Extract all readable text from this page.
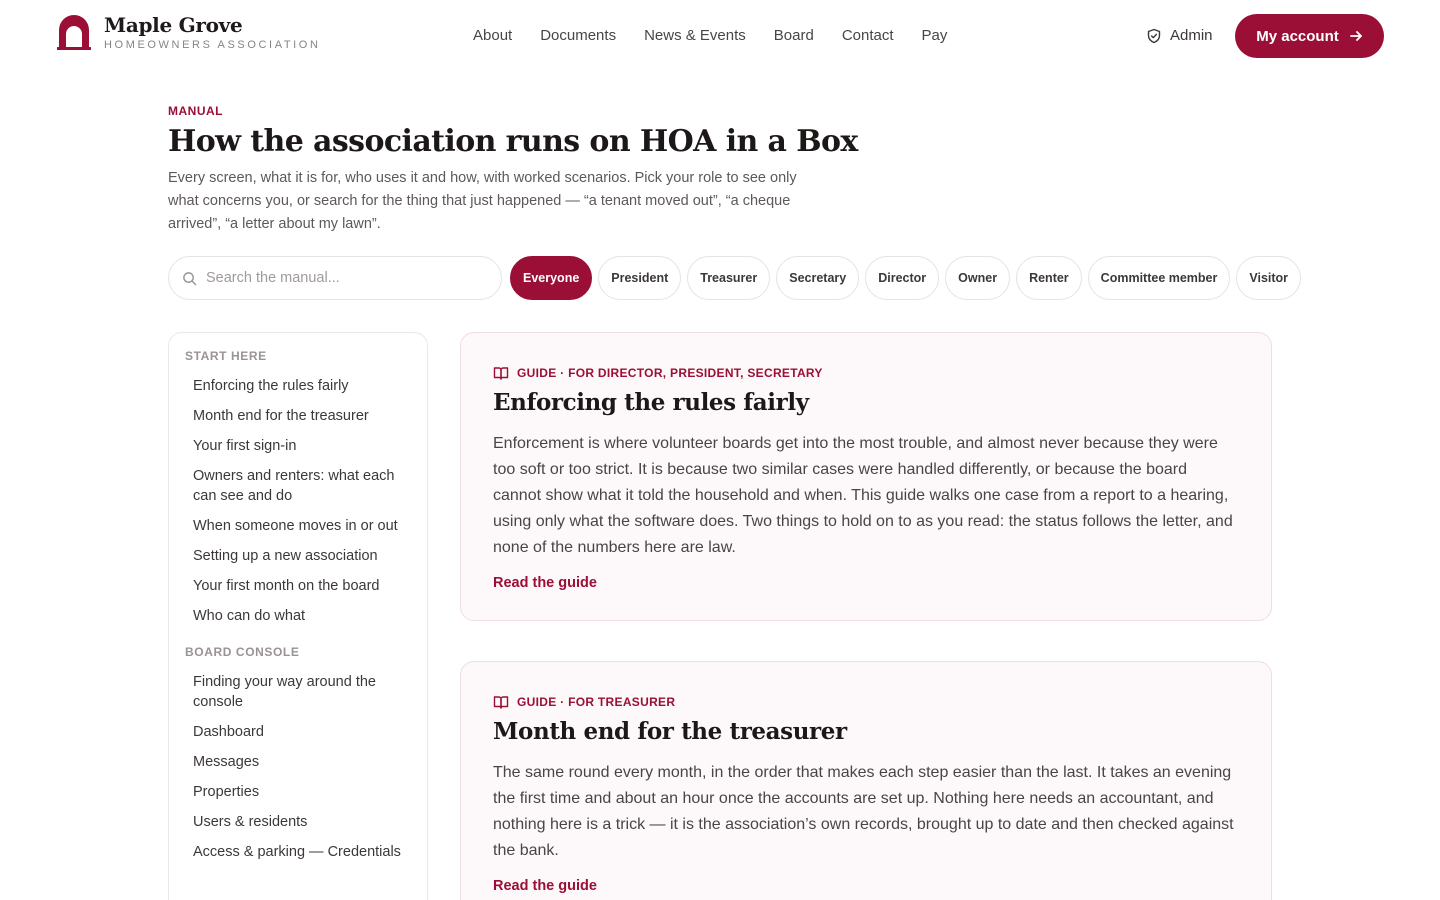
Maple Grove
HOMEOWNERS ASSOCIATION
About	Documents	News & Events	Board	Contact	Pay	Admin	My account
MANUAL
How the association runs on HOA in a Box

Every screen, what it is for, who uses it and how, with worked scenarios. Pick your role to see only what concerns you, or search for the thing that just happened — “a tenant moved out”, “a cheque arrived”, “a letter about my lawn”.

Search the manual...
Everyone	President	Treasurer	Secretary	Director	Owner	Renter	Committee member	Visitor
START HERE
Enforcing the rules fairly
Month end for the treasurer
Your first sign-in
Owners and renters: what each can see and do
When someone moves in or out
Setting up a new association
Your first month on the board
Who can do what
BOARD CONSOLE
Finding your way around the console
Dashboard
Messages
Properties
Users & residents
Access & parking — Credentials
GUIDE · FOR DIRECTOR, PRESIDENT, SECRETARY
Enforcing the rules fairly

Enforcement is where volunteer boards get into the most trouble, and almost never because they were too soft or too strict. It is because two similar cases were handled differently, or because the board cannot show what it told the household and when. This guide walks one case from a report to a hearing, using only what the software does. Two things to hold on to as you read: the status follows the letter, and none of the numbers here are law.

Read the guide
GUIDE · FOR TREASURER
Month end for the treasurer

The same round every month, in the order that makes each step easier than the last. It takes an evening the first time and about an hour once the accounts are set up. Nothing here needs an accountant, and nothing here is a trick — it is the association’s own records, brought up to date and then checked against the bank.

Read the guide
